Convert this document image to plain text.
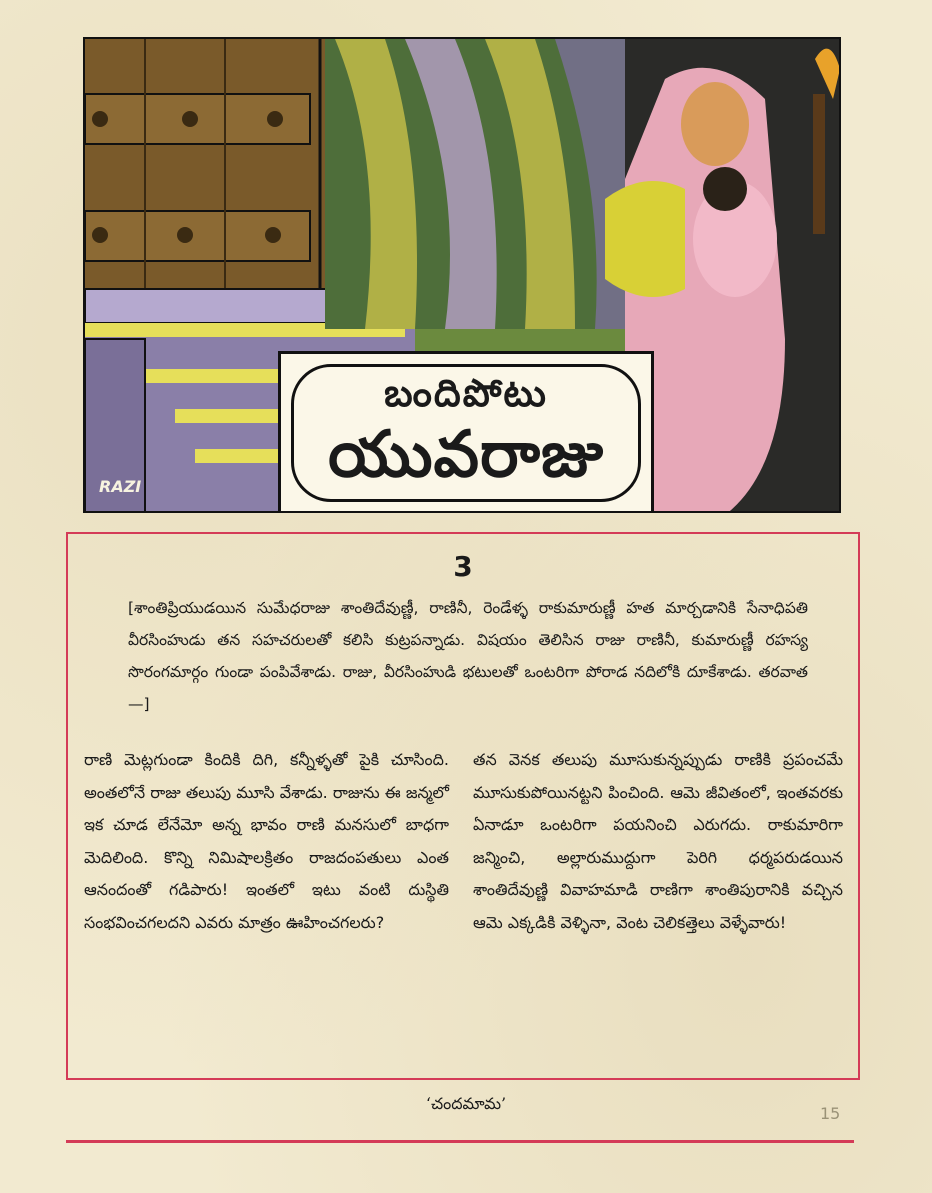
బందిపోటు
యువరాజు
RAZI
3
[శాంతిప్రియుడయిన సుమేధరాజు శాంతిదేవుణ్ణీ, రాణినీ, రెండేళ్ళ రాకుమారుణ్ణీ హత మార్చడానికి సేనాధిపతి వీరసింహుడు తన సహచరులతో కలిసి కుట్రపన్నాడు. విషయం తెలిసిన రాజు రాణినీ, కుమారుణ్ణీ రహస్య సొరంగమార్గం గుండా పంపివేశాడు. రాజు, వీరసింహుడి భటులతో ఒంటరిగా పోరాడ నదిలోకి దూకేశాడు. తరవాత—]
రాణి మెట్లగుండా కిందికి దిగి, కన్నీళ్ళతో పైకి చూసింది. అంతలోనే రాజు తలుపు మూసి వేశాడు. రాజును ఈ జన్మలో ఇక చూడ లేనేమో అన్న భావం రాణి మనసులో బాధగా మెదిలింది. కొన్ని నిమిషాలక్రితం రాజదంపతులు ఎంత ఆనందంతో గడిపారు! ఇంతలో ఇటు వంటి దుస్థితి సంభవించగలదని ఎవరు మాత్రం ఊహించగలరు?
తన వెనక తలుపు మూసుకున్నప్పుడు రాణికి ప్రపంచమే మూసుకుపోయినట్టని పించింది. ఆమె జీవితంలో, ఇంతవరకు ఏనాడూ ఒంటరిగా పయనించి ఎరుగదు. రాకుమారిగా జన్మించి, అల్లారుముద్దుగా పెరిగి ధర్మపరుడయిన శాంతిదేవుణ్ణి వివాహమాడి రాణిగా శాంతిపురానికి వచ్చిన ఆమె ఎక్కడికి వెళ్ళినా, వెంట చెలికత్తెలు వెళ్ళేవారు!
‘చందమామ’
15
